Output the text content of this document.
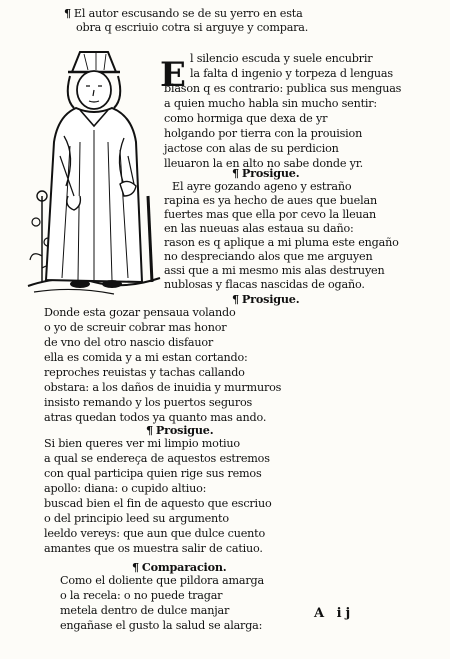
E
¶ El autor escusando se de su yerro en esta
obra q escriuio cotra si arguye y compara.
l silencio escuda y suele encubrir
la falta d ingenio y torpeza d lenguas
blason q es contrario: publica sus menguas
a quien mucho habla sin mucho sentir:
como hormiga que dexa de yr
holgando por tierra con la prouision
jactose con alas de su perdicion
lleuaron la en alto no sabe donde yr.
¶ Prosigue.
El ayre gozando ageno y estraño
rapina es ya hecho de aues que buelan
fuertes mas que ella por cevo la lleuan
en las nueuas alas estaua su daño:
rason es q aplique a mi pluma este engaño
no despreciando alos que me arguyen
assi que a mi mesmo mis alas destruyen
nublosas y flacas nascidas de ogaño.
¶ Prosigue.
Donde esta gozar pensaua volando
o yo de screuir cobrar mas honor
de vno del otro nascio disfauor
ella es comida y a mi estan cortando:
reproches reuistas y tachas callando
obstara: a los daños de inuidia y murmuros
insisto remando y los puertos seguros
atras quedan todos ya quanto mas ando.
¶ Prosigue.
Si bien queres ver mi limpio motiuo
a qual se endereça de aquestos estremos
con qual participa quien rige sus remos
apollo: diana: o cupido altiuo:
buscad bien el fin de aquesto que escriuo
o del principio leed su argumento
leeldo vereys: que aun que dulce cuento
amantes que os muestra salir de catiuo.
¶ Comparacion.
Como el doliente que pildora amarga
o la recela: o no puede tragar
metela dentro de dulce manjar
engañase el gusto la salud se alarga:
A ij
